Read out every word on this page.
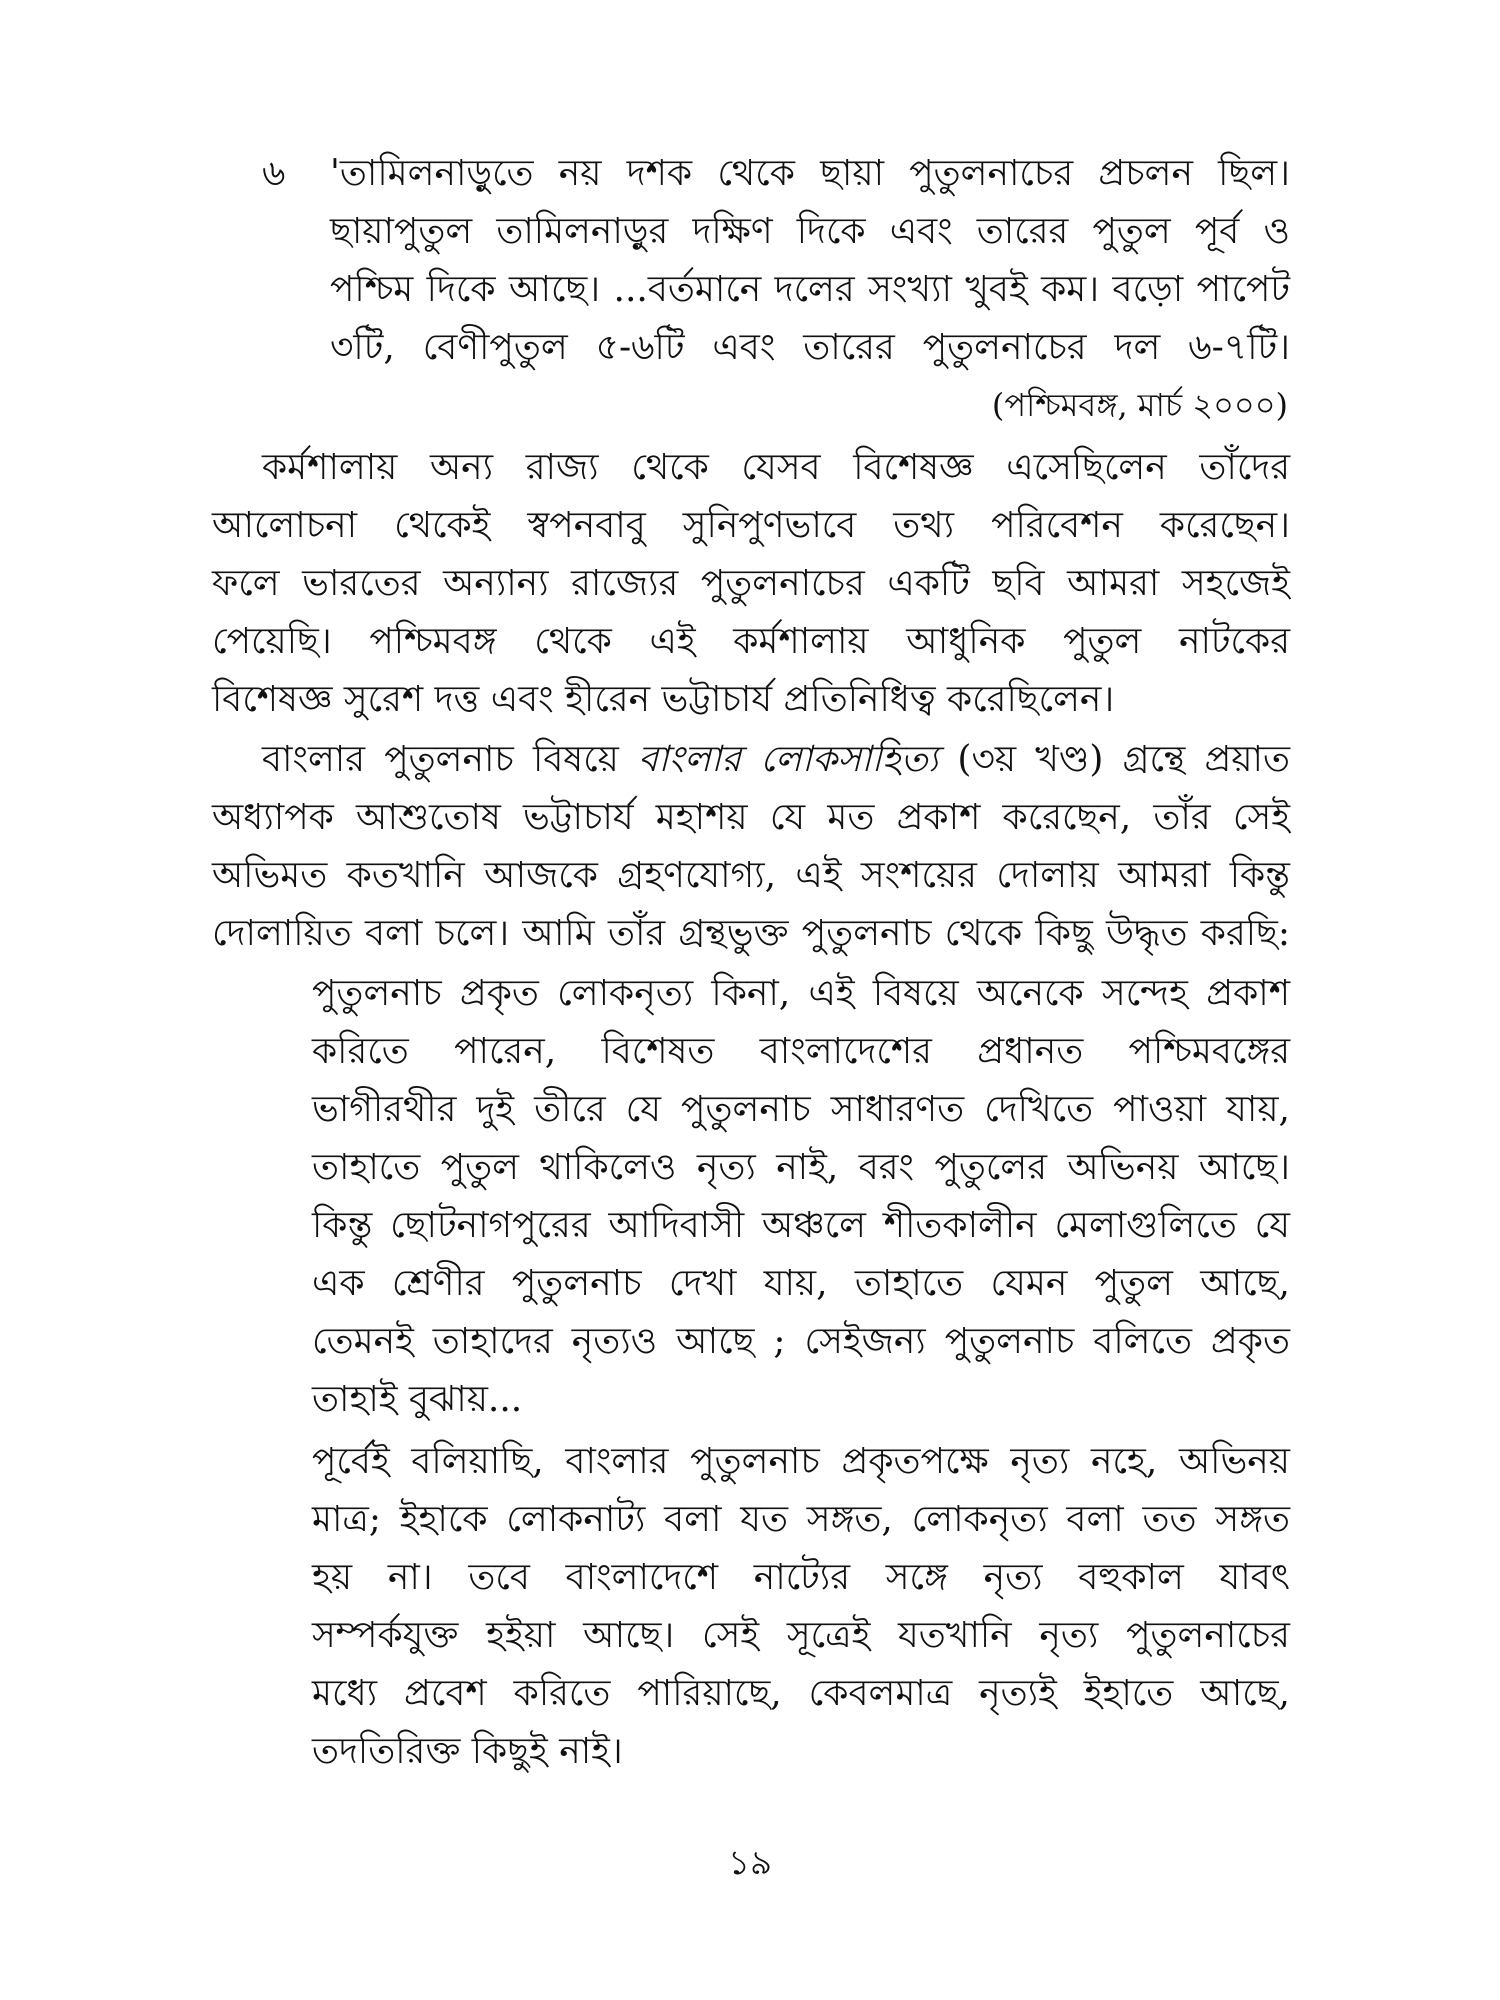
৬ 'তামিলনাড়ুতে নয় দশক থেকে ছায়া পুতুলনাচের প্রচলন ছিল।
ছায়াপুতুল তামিলনাড়ুর দক্ষিণ দিকে এবং তারের পুতুল পূর্ব ও
পশ্চিম দিকে আছে। ...বর্তমানে দলের সংখ্যা খুবই কম। বড়ো পাপেট
৩টি, বেণীপুতুল ৫-৬টি এবং তারের পুতুলনাচের দল ৬-৭টি।
(পশ্চিমবঙ্গ, মার্চ ২০০০)
কর্মশালায় অন্য রাজ্য থেকে যেসব বিশেষজ্ঞ এসেছিলেন তাঁদের
আলোচনা থেকেই স্বপনবাবু সুনিপুণভাবে তথ্য পরিবেশন করেছেন।
ফলে ভারতের অন্যান্য রাজ্যের পুতুলনাচের একটি ছবি আমরা সহজেই
পেয়েছি। পশ্চিমবঙ্গ থেকে এই কর্মশালায় আধুনিক পুতুল নাটকের
বিশেষজ্ঞ সুরেশ দত্ত এবং হীরেন ভট্টাচার্য প্রতিনিধিত্ব করেছিলেন।
বাংলার পুতুলনাচ বিষয়ে বাংলার লোকসাহিত্য (৩য় খণ্ড) গ্রন্থে প্রয়াত
অধ্যাপক আশুতোষ ভট্টাচার্য মহাশয় যে মত প্রকাশ করেছেন, তাঁর সেই
অভিমত কতখানি আজকে গ্রহণযোগ্য, এই সংশয়ের দোলায় আমরা কিন্তু
দোলায়িত বলা চলে। আমি তাঁর গ্রন্থভুক্ত পুতুলনাচ থেকে কিছু উদ্ধৃত করছি:
পুতুলনাচ প্রকৃত লোকনৃত্য কিনা, এই বিষয়ে অনেকে সন্দেহ প্রকাশ
করিতে পারেন, বিশেষত বাংলাদেশের প্রধানত পশ্চিমবঙ্গের
ভাগীরথীর দুই তীরে যে পুতুলনাচ সাধারণত দেখিতে পাওয়া যায়,
তাহাতে পুতুল থাকিলেও নৃত্য নাই, বরং পুতুলের অভিনয় আছে।
কিন্তু ছোটনাগপুরের আদিবাসী অঞ্চলে শীতকালীন মেলাগুলিতে যে
এক শ্রেণীর পুতুলনাচ দেখা যায়, তাহাতে যেমন পুতুল আছে,
তেমনই তাহাদের নৃত্যও আছে ; সেইজন্য পুতুলনাচ বলিতে প্রকৃত
তাহাই বুঝায়...
পূর্বেই বলিয়াছি, বাংলার পুতুলনাচ প্রকৃতপক্ষে নৃত্য নহে, অভিনয়
মাত্র; ইহাকে লোকনাট্য বলা যত সঙ্গত, লোকনৃত্য বলা তত সঙ্গত
হয় না। তবে বাংলাদেশে নাট্যের সঙ্গে নৃত্য বহুকাল যাবৎ
সম্পর্কযুক্ত হইয়া আছে। সেই সূত্রেই যতখানি নৃত্য পুতুলনাচের
মধ্যে প্রবেশ করিতে পারিয়াছে, কেবলমাত্র নৃত্যই ইহাতে আছে,
তদতিরিক্ত কিছুই নাই।
১৯
